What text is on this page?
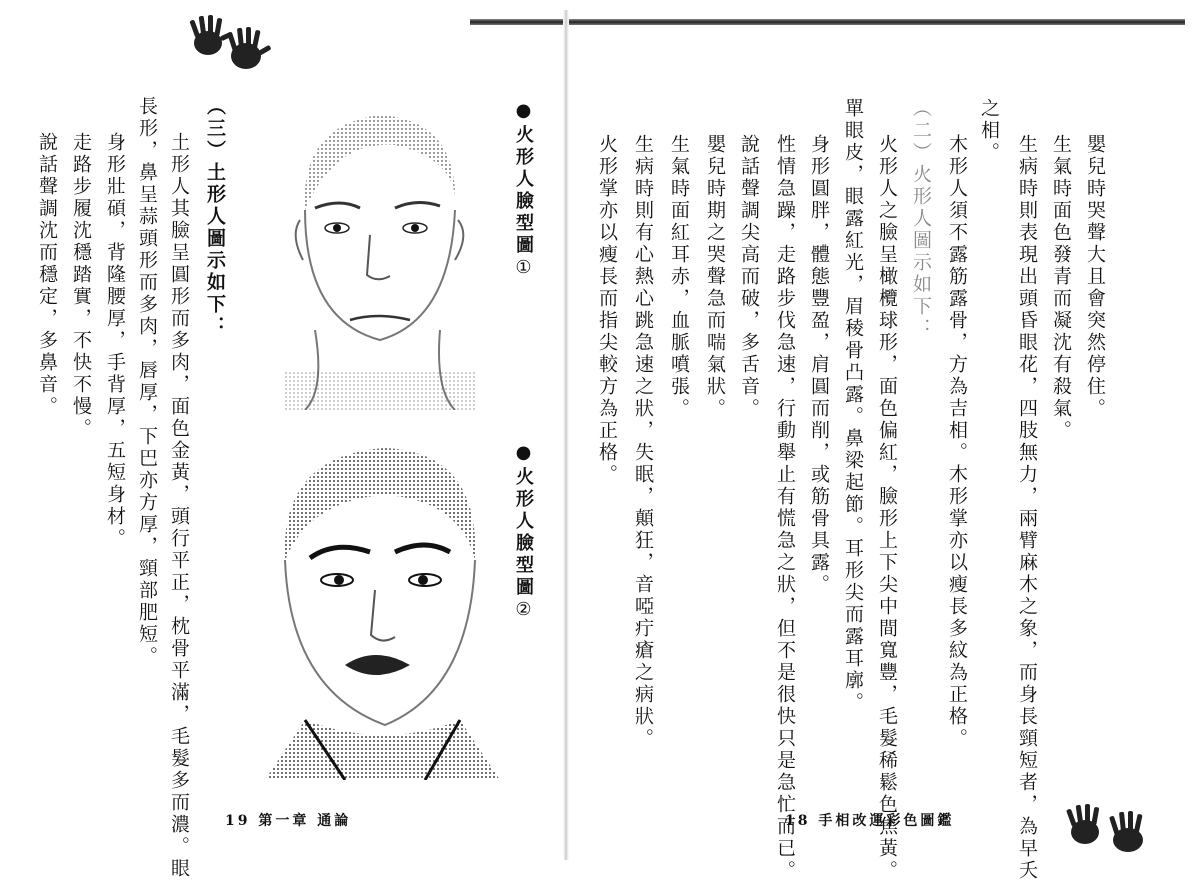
●火形人臉型圖①
●火形人臉型圖②
（三）土形人圖示如下：
土形人其臉呈圓形而多肉，面色金黃，頭行平正，枕骨平滿，毛髮多而濃。眼
長形，鼻呈蒜頭形而多肉，唇厚，下巴亦方厚，頸部肥短。
身形壯碩，背隆腰厚，手背厚，五短身材。
走路步履沈穩踏實，不快不慢。
說話聲調沈而穩定，多鼻音。
19 第一章 通論
嬰兒時哭聲大且會突然停住。
生氣時面色發青而凝沈有殺氣。
生病時則表現出頭昏眼花，四肢無力，兩臂麻木之象，而身長頸短者，為早夭
之相。
木形人須不露筋露骨，方為吉相。木形掌亦以瘦長多紋為正格。
（二）火形人圖示如下：
火形人之臉呈橄欖球形，面色偏紅，臉形上下尖中間寬豐，毛髮稀鬆色焦黃。
單眼皮，眼露紅光，眉稜骨凸露。鼻梁起節。耳形尖而露耳廓。
身形圓胖，體態豐盈，肩圓而削，或筋骨具露。
性情急躁，走路步伐急速，行動舉止有慌急之狀，但不是很快只是急忙而已。
說話聲調尖高而破，多舌音。
嬰兒時期之哭聲急而喘氣狀。
生氣時面紅耳赤，血脈噴張。
生病時則有心熱心跳急速之狀，失眠，顛狂，音啞疔瘡之病狀。
火形掌亦以瘦長而指尖較方為正格。
18 手相改運彩色圖鑑
